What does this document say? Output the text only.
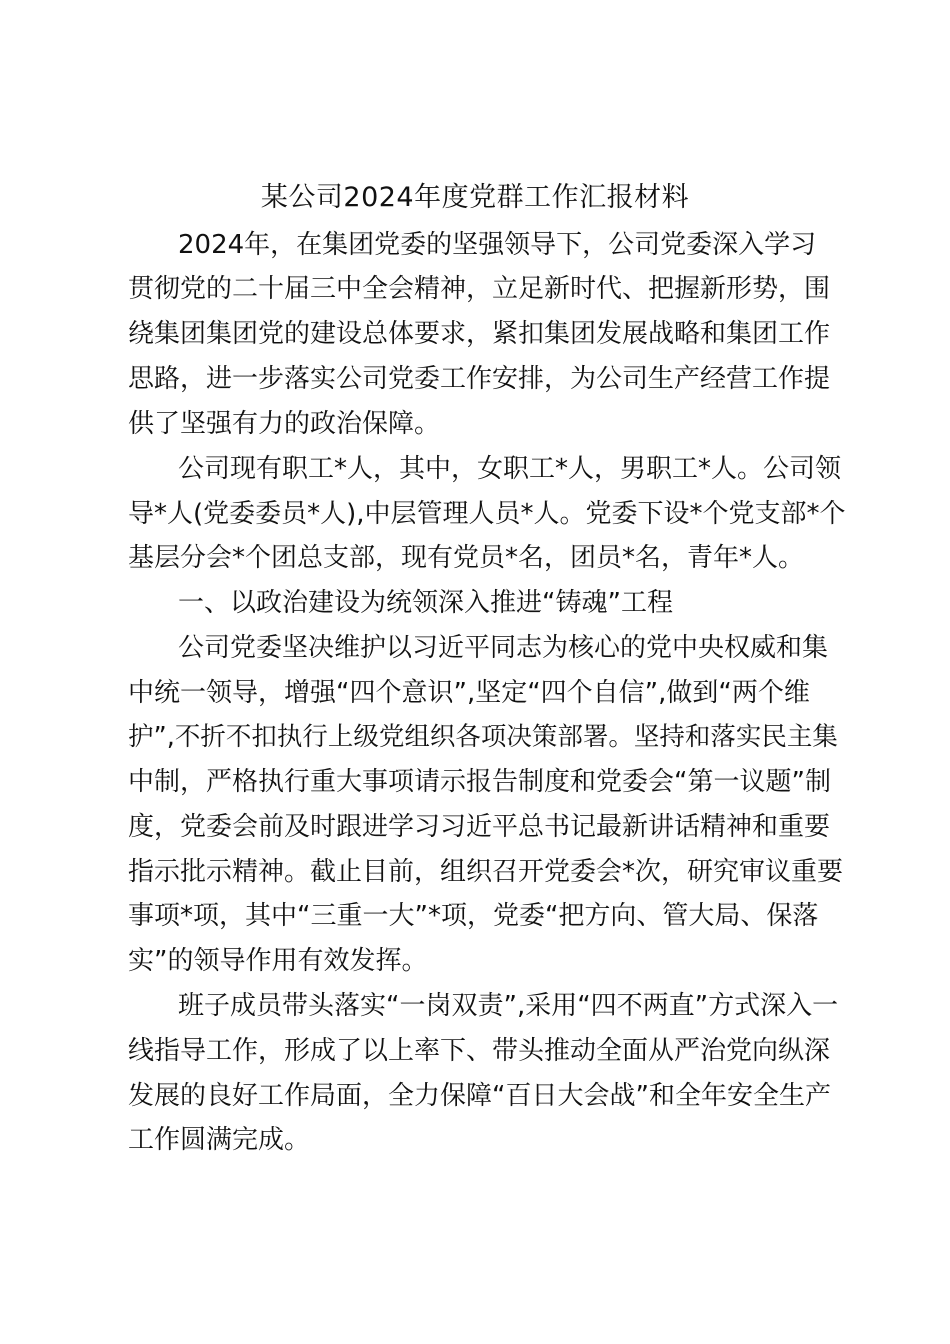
某公司2024年度党群工作汇报材料
2024年，在集团党委的坚强领导下，公司党委深入学习
贯彻党的二十届三中全会精神，立足新时代、把握新形势，围
绕集团集团党的建设总体要求，紧扣集团发展战略和集团工作
思路，进一步落实公司党委工作安排，为公司生产经营工作提
供了坚强有力的政治保障。
公司现有职工*人，其中，女职工*人，男职工*人。公司领
导*人(党委委员*人),中层管理人员*人。党委下设*个党支部*个
基层分会*个团总支部，现有党员*名，团员*名，青年*人。
一、以政治建设为统领深入推进“铸魂”工程
公司党委坚决维护以习近平同志为核心的党中央权威和集
中统一领导，增强“四个意识”,坚定“四个自信”,做到“两个维
护”,不折不扣执行上级党组织各项决策部署。坚持和落实民主集
中制，严格执行重大事项请示报告制度和党委会“第一议题”制
度，党委会前及时跟进学习习近平总书记最新讲话精神和重要
指示批示精神。截止目前，组织召开党委会*次，研究审议重要
事项*项，其中“三重一大”*项，党委“把方向、管大局、保落
实”的领导作用有效发挥。
班子成员带头落实“一岗双责”,采用“四不两直”方式深入一
线指导工作，形成了以上率下、带头推动全面从严治党向纵深
发展的良好工作局面，全力保障“百日大会战”和全年安全生产
工作圆满完成。
